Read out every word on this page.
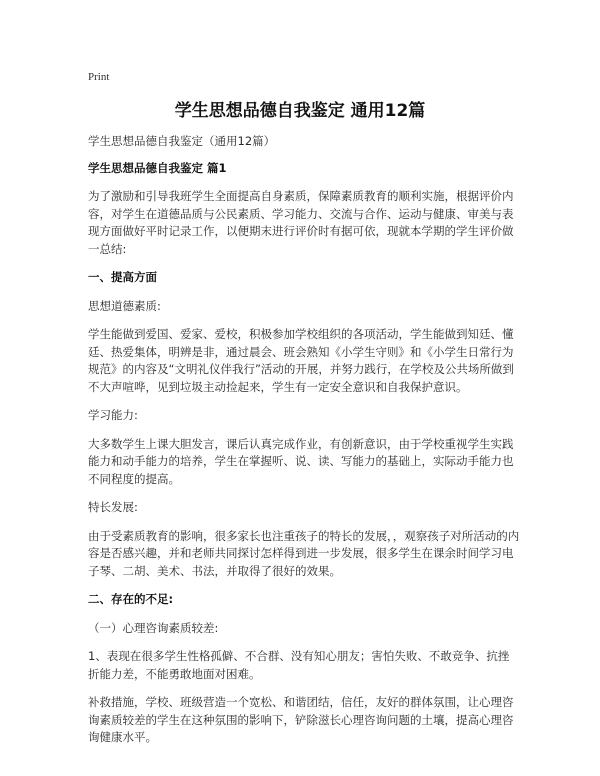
Print
学生思想品德自我鉴定 通用12篇

学生思想品德自我鉴定（通用12篇）

学生思想品德自我鉴定 篇1

为了激励和引导我班学生全面提高自身素质，保障素质教育的顺利实施，根据评价内容，对学生在道德品质与公民素质、学习能力、交流与合作、运动与健康、审美与表现方面做好平时记录工作，以便期末进行评价时有据可依，现就本学期的学生评价做一总结:

一、提高方面

思想道德素质:

学生能做到爱国、爱家、爱校，积极参加学校组织的各项活动，学生能做到知廷、懂廷、热爱集体，明辨是非，通过晨会、班会熟知《小学生守则》和《小学生日常行为规范》的内容及“文明礼仪伴我行”活动的开展，并努力践行，在学校及公共场所做到不大声喧哗，见到垃圾主动捡起来，学生有一定安全意识和自我保护意识。

学习能力:

大多数学生上课大胆发言，课后认真完成作业，有创新意识，由于学校重视学生实践能力和动手能力的培养，学生在掌握听、说、读、写能力的基础上，实际动手能力也不同程度的提高。

特长发展:

由于受素质教育的影响，很多家长也注重孩子的特长的发展，，观察孩子对所活动的内容是否感兴趣，并和老师共同探讨怎样得到进一步发展，很多学生在课余时间学习电子琴、二胡、美术、书法，并取得了很好的效果。

二、存在的不足:

（一）心理咨询素质较差:

1、表现在很多学生性格孤僻、不合群、没有知心朋友；害怕失败、不敢竞争、抗挫折能力差，不能勇敢地面对困难。

补救措施，学校、班级营造一个宽松、和谐团结，信任，友好的群体氛围，让心理咨询素质较差的学生在这种氛围的影响下，铲除滋长心理咨询问题的土壤，提高心理咨询健康水平。
